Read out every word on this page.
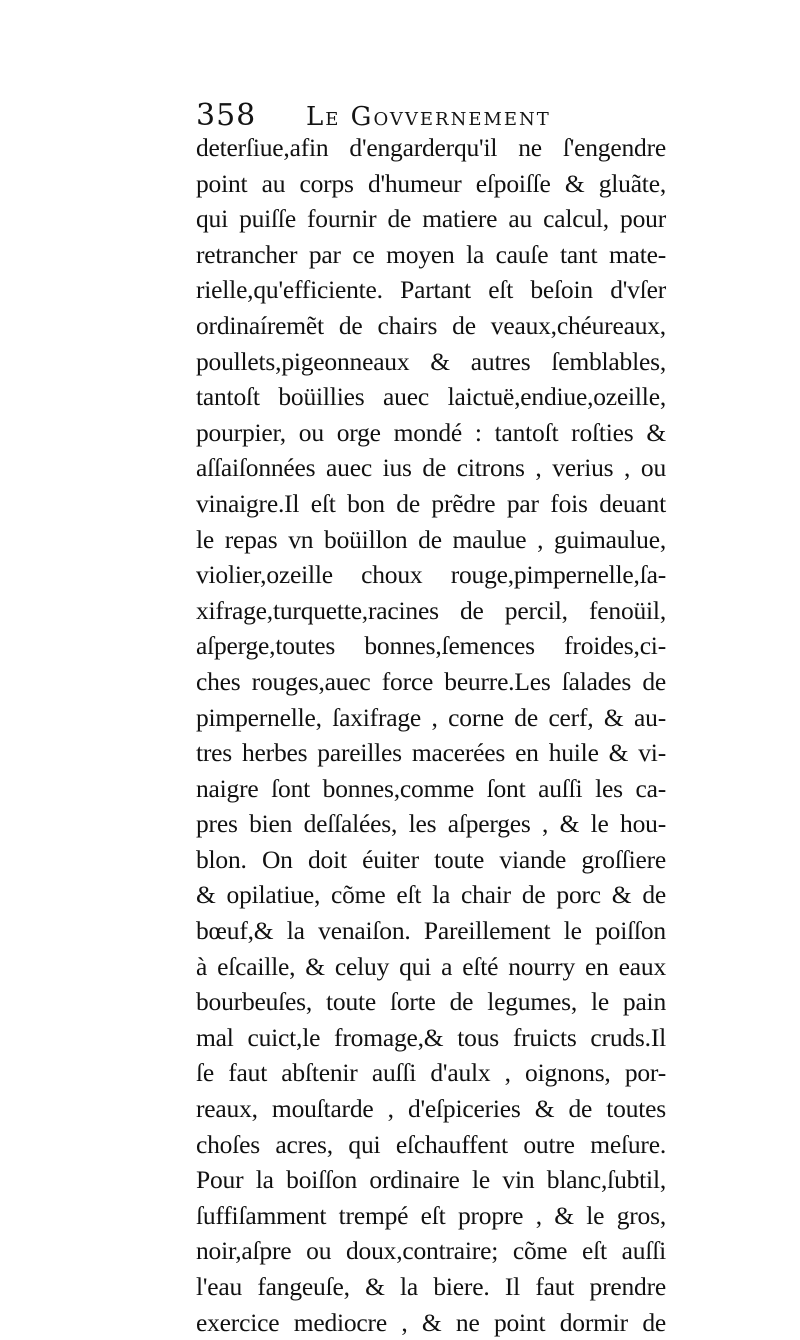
358 Le Govvernement
deterſiue,afin d'engarderqu'il ne ſ'engendre
point au corps d'humeur eſpoiſſe & gluãte,
qui puiſſe fournir de matiere au calcul, pour
retrancher par ce moyen la cauſe tant mate-
rielle,qu'efficiente. Partant eſt beſoin d'vſer
ordinaíremẽt de chairs de veaux,chéureaux,
poullets,pigeonneaux & autres ſemblables,
tantoſt boüillies auec laictuë,endiue,ozeille,
pourpier, ou orge mondé : tantoſt roſties &
aſſaiſonnées auec ius de citrons , verius , ou
vinaigre.Il eſt bon de prẽdre par fois deuant
le repas vn boüillon de maulue , guimaulue,
violier,ozeille choux rouge,pimpernelle,ſa-
xifrage,turquette,racines de percil, fenoüil,
aſperge,toutes bonnes,ſemences froides,ci-
ches rouges,auec force beurre.Les ſalades de
pimpernelle, ſaxifrage , corne de cerf, & au-
tres herbes pareilles macerées en huile & vi-
naigre ſont bonnes,comme ſont auſſi les ca-
pres bien deſſalées, les aſperges , & le hou-
blon. On doit éuiter toute viande groſſiere
& opilatiue, cõme eſt la chair de porc & de
bœuf,& la venaiſon. Pareillement le poiſſon
à eſcaille, & celuy qui a eſté nourry en eaux
bourbeuſes, toute ſorte de legumes, le pain
mal cuict,le fromage,& tous fruicts cruds.Il
ſe faut abſtenir auſſi d'aulx , oignons, por-
reaux, mouſtarde , d'eſpiceries & de toutes
choſes acres, qui eſchauffent outre meſure.
Pour la boiſſon ordinaire le vin blanc,ſubtil,
ſuffiſamment trempé eſt propre , & le gros,
noir,aſpre ou doux,contraire; cõme eſt auſſi
l'eau fangeuſe, & la biere. Il faut prendre
exercice mediocre , & ne point dormir de
